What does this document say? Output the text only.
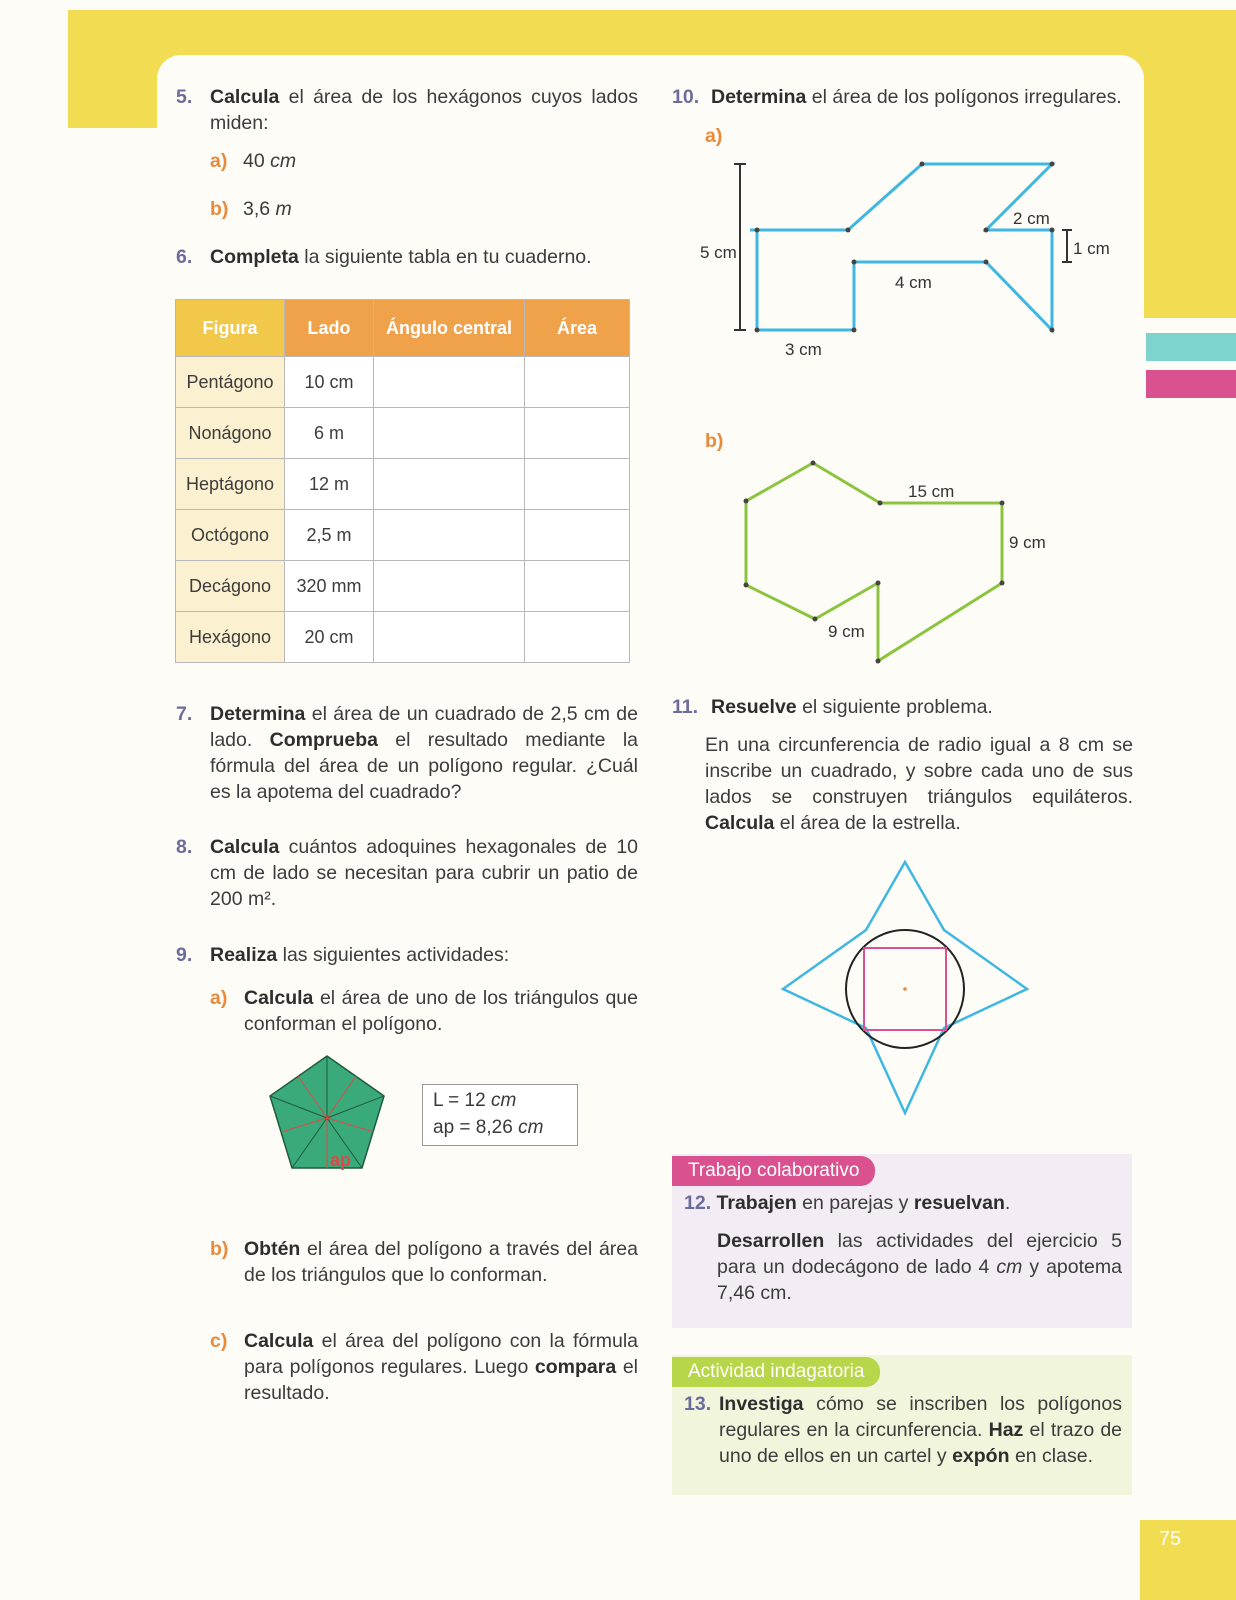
5. Calcula el área de los hexágonos cuyos lados miden:
a) 40 cm
b) 3,6 m
6. Completa la siguiente tabla en tu cuaderno.
Figura	Lado	Ángulo central	Área
Pentágono	10 cm		
Nonágono	6 m		
Heptágono	12 m		
Octógono	2,5 m		
Decágono	320 mm		
Hexágono	20 cm		
7. Determina el área de un cuadrado de 2,5 cm de lado. Comprueba el resultado mediante la fórmula del área de un polígono regular. ¿Cuál es la apotema del cuadrado?
8. Calcula cuántos adoquines hexagonales de 10 cm de lado se necesitan para cubrir un patio de 200 m².
9. Realiza las siguientes actividades:
a) Calcula el área de uno de los triángulos que conforman el polígono.
ap
L = 12 cm
ap = 8,26 cm
b) Obtén el área del polígono a través del área de los triángulos que lo conforman.
c) Calcula el área del polígono con la fórmula para polígonos regulares. Luego compara el resultado.
10. Determina el área de los polígonos irregulares.
a)
5 cm
3 cm
4 cm
2 cm
1 cm
b)
15 cm
9 cm
9 cm
11. Resuelve el siguiente problema.
En una circunferencia de radio igual a 8 cm se inscribe un cuadrado, y sobre cada uno de sus lados se construyen triángulos equiláteros. Calcula el área de la estrella.
Trabajo colaborativo
12. Trabajen en parejas y resuelvan.
Desarrollen las actividades del ejercicio 5 para un dodecágono de lado 4 cm y apotema 7,46 cm.
Actividad indagatoria
13. Investiga cómo se inscriben los polígonos regulares en la circunferencia. Haz el trazo de uno de ellos en un cartel y expón en clase.
75
